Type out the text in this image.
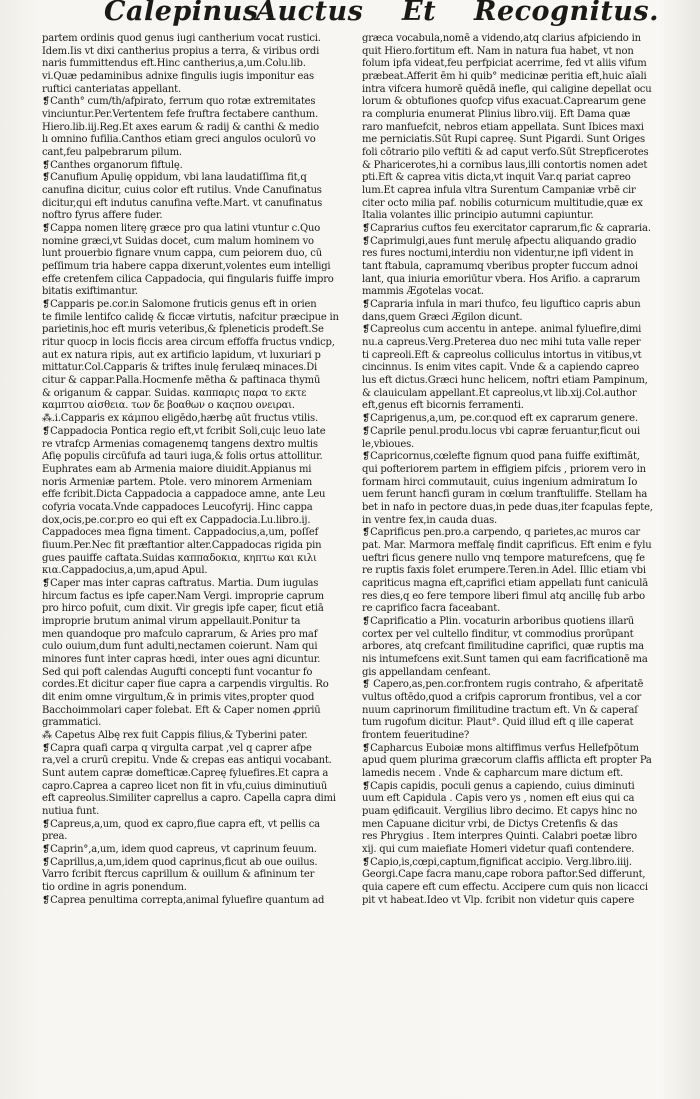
Calepinus
Auctus Et Recognitus.
partem ordinis quod genus iugi cantherium vocat rustici.
Idem.Iis vt dixi cantherius propius a terra, & viribus ordi
naris fummittendus eft.Hinc cantherius,a,um.Colu.lib.
vi.Quæ pedaminibus adnixe fingulis iugis imponitur eas
ruftici canteriatas appellant.
❡Canth° cum/th/afpirato, ferrum quo rotæ extremitates
vinciuntur.Per.Vertentem fefe fruftra fectabere canthum.
Hiero.lib.iij.Reg.Et axes earum & radij & canthi & medio
lı omnino fufilia.Canthos etiam greci angulos oculorū vo
cant,feu palpebrarum pilum.
❡Canthes organorum fiftulę.
❡Canufium Apulię oppidum, vbi lana laudatiſſima fit,q
canufina dicitur, cuius color eft rutilus. Vnde Canufinatus
dicitur,qui eft indutus canufina vefte.Mart. vt canufinatus
noftro fyrus affere fuder.
❡Cappa nomen literę græce pro qua latini vtuntur c.Quo
nomine græci,vt Suidas docet, cum malum hominem vo
lunt prouerbio fignare vnum cappa, cum peiorem duo, cū
peſſimum tria habere cappa dixerunt,volentes eum intelligi
effe cretenfem cilica Cappadocia, qui fingularis fuiffe impro
bitatis exiftimantur.
❡Capparis pe.cor.in Salomone fruticis genus eft in orien
te fimile lentifco calidę & ficcæ virtutis, nafcitur præcipue in
parietinis,hoc eft muris veteribus,& fpleneticis prodeft.Se
ritur quocp in locis ficcis area circum effoffa fructus vndicp,
aut ex natura ripis, aut ex artificio lapidum, vt luxuriari p
mittatur.Col.Capparis & triftes inulę ferulæq minaces.Di
citur & cappar.Palla.Hocmenfe mētha & paftinaca thymū
& origanum & cappar. Suidas. καππαρις παρα το εκτε
καμπτου αἰσθεια. των δε βοαθων ο καςπου ονειραι.
⁂.i.Capparis ex κάμπου eligēdo,hærbę aūt fructus vtilis.
❡Cappadocia Pontica regio eft,vt fcribit Soli,cuįc leuo late
re vtrafcp Armenias comagenemq tangens dextro multis
Afię populis circūfufa ad tauri iuga,& folis ortus attollitur.
Euphrates eam ab Armenia maiore diuidit.Appianus mi
noris Armeniæ partem. Ptole. vero minorem Armeniam
effe fcribit.Dicta Cappadocia a cappadoce amne, ante Leu
cofyria vocata.Vnde cappadoces Leucofyrij. Hinc cappa
dox,ocis,pe.cor.pro eo qui eft ex Cappadocia.Lu.libro.ij.
Cappadoces mea figna timent. Cappadocius,a,um, poſſef
fiuum.Per.Nec fit præftantior alter.Cappadocas rigida pin
gues pauiffe caftata.Suidas καππαδοκια, κηπτω και κιλι
κια.Cappadocius,a,um,apud Apul.
❡Caper mas inter capras caftratus. Martia. Dum iugulas
hircum factus es ipfe caper.Nam Vergi. improprie caprum
pro hirco pofuit, cum dixit. Vir gregis ipfe caper, ficut etiā
improprie brutum animal virum appellauit.Ponitur ta
men quandoque pro mafculo caprarum, & Aries pro maf
culo ouium,dum funt adulti,nectamen coierunt. Nam qui
minores funt inter capras hœdi, inter oues agni dicuntur.
Sed qui poft calendas Augufti concepti funt vocantur fo
cordes.Et dicitur caper fiue capra a carpendis virgultis. Ro
dit enim omne virgultum,& in primis vites,propter quod
Bacchoimmolari caper folebat. Eft & Caper nomen ꝓpriū
grammatici.
⁂ Capetus Albę rex fuit Cappis filius,& Tyberini pater.
❡Capra quafi carpa q virgulta carpat ,vel q caprer afpe
ra,vel a crurū crepitu. Vnde & crepas eas antiqui vocabant.
Sunt autem capræ domefticæ.Capreę fyluefires.Et capra a
capro.Caprea a capreo licet non fit in vfu,cuius diminutiuū
eft capreolus.Similiter caprellus a capro. Capella capra dimi
nutiua funt.
❡Capreus,a,um, quod ex capro,fiue capra eft, vt pellis ca
prea.
❡Caprin°,a,um, idem quod capreus, vt caprinum feuum.
❡Caprillus,a,um,idem quod caprinus,ficut ab oue ouilus.
Varro fcribit ftercus caprillum & ouillum & afininum ter
tio ordine in agris ponendum.
❡Caprea penultima correpta,animal fyluefire quantum ad
græca vocabula,nomē a videndo,atq clarius afpiciendo in
quit Hiero.fortitum eft. Nam in natura fua habet, vt non
folum ipfa videat,feu perfpiciat acerrime, fed vt aliis vifum
præbeat.Afferit ēm hi quib° medicinæ peritia eft,huic aīali
intra vifcera humorē quēdā inefle, qui caligine depellat ocu
lorum & obtufiones quofcp vifus exacuat.Caprearum gene
ra compluria enumerat Plinius libro.viij. Eft Dama quæ
raro manfuefcit, nebros etiam appellata. Sunt Ibices maxi
me perniciatis.Sūt Rupi capreę. Sunt Pigardi. Sunt Origes
foli cōtrario pilo veftiti & ad caput verfo.Sūt Strepficerotes
& Pharicerotes,hi a cornibus laus,illi contortis nomen adet
pti.Eft & caprea vitis dicta,vt inquit Var.q pariat capreo
lum.Et caprea infula vltra Surentum Campaniæ vrbē cir
citer octo milia paf. nobilis coturnicum multitudie,quæ ex
Italia volantes illic principio autumni capiuntur.
❡Caprarius cuftos feu exercitator caprarum,fic & capraria.
❡Caprimulgi,aues funt merulę afpectu aliquando gradio
res fures noctumi,interdiu non videntur,ne ipfi vident in
tant ftabula, capramumq vberibus propter fuccum adnoi
lant, qua iniuria emoriūtur vbera. Hos Arifio. a caprarum
mammis Ægotelas vocat.
❡Capraria infula in mari thufco, feu liguftico capris abun
dans,quem Græci Ægilon dicunt.
❡Capreolus cum accentu in antepe. animal fyluefire,dimi
nu.a capreus.Verg.Preterea duo nec mihi tuta valle reper
ti capreoli.Eft & capreolus colliculus intortus in vitibus,vt
cincinnus. Is enim vites capit. Vnde & a capiendo capreo
lus eft dictus.Græci hunc helicem, noftri etiam Pampinum,
& clauiculam appellant.Et capreolus,vt lib.xij.Col.author
eft,genus eft bicornis ferramenti.
❡Caprigenus,a,um, pe.cor.quod eft ex caprarum genere.
❡Caprile penul.produ.locus vbi capræ feruantur,ficut oui
le,vbioues.
❡Capricornus,cœlefte fignum quod pana fuiffe exiftimāt,
qui pofteriorem partem in effigiem pifcis , priorem vero in
formam hirci commutauit, cuius ingenium admiratum Io
uem ferunt hancfi guram in cœlum tranftuliffe. Stellam ha
bet in nafo in pectore duas,in pede duas,iter fcapulas fepte,
in ventre fex,in cauda duas.
❡Caprificus pen.pro.a carpendo, q parietes,ac muros car
pat. Mar. Marmora meffalę findit caprificus. Eft enim e fylu
ueftri ficus genere nullo vnq tempore maturefcens, quę fe
re ruptis faxis folet erumpere.Teren.in Adel. Illic etiam vbi
capriticus magna eft,caprifici etiam appellatı funt caniculā
res dies,q eo fere tempore liberi fimul atq ancillę fub arbo
re caprifico facra faceabant.
❡Caprificatio a Plin. vocaturin arboribus quotiens illarū
cortex per vel cultello finditur, vt commodius prorūpant
arbores, atq crefcant fimilitudine caprifici, quæ ruptis ma
nis intumefcens exit.Sunt tamen qui eam facrificationē ma
gis appellandam cenfeant.
❡ Capero,as,pen.cor.frontem rugis contraho, & afperitatē
vultus oftēdo,quod a crifpis caprorum frontibus, vel a cor
nuum caprinorum fimilitudine tractum eft. Vn & caperaſ
tum rugofum dicitur. Plaut°. Quid illud eft q ille caperat
frontem feueritudine?
❡Capharcus Euboiæ mons altiffimus verfus Hellefpōtum
apud quem plurima græcorum claffis afflicta eft propter Pa
lamedis necem . Vnde & capharcum mare dictum eft.
❡Capis capidis, poculi genus a capiendo, cuius diminuti
uum eft Capidula . Capis vero ys , nomen eft eius qui ca
puam ędificauit. Vergilius libro decimo. Et capys hinc no
men Capuane dicitur vrbi, de Dictys Cretenfis & das
res Phrygius . Item interpres Quinti. Calabri poetæ libro
xij. qui cum maiefiate Homeri videtur quafi contendere.
❡Capio,is,cœpi,captum,fignificat accipio. Verg.libro.iiij.
Georgi.Cape facra manu,cape robora paftor.Sed differunt,
quia capere eft cum effectu. Accipere cum quis non licacci
pit vt habeat.Ideo vt Vlp. fcribit non videtur quis capere
